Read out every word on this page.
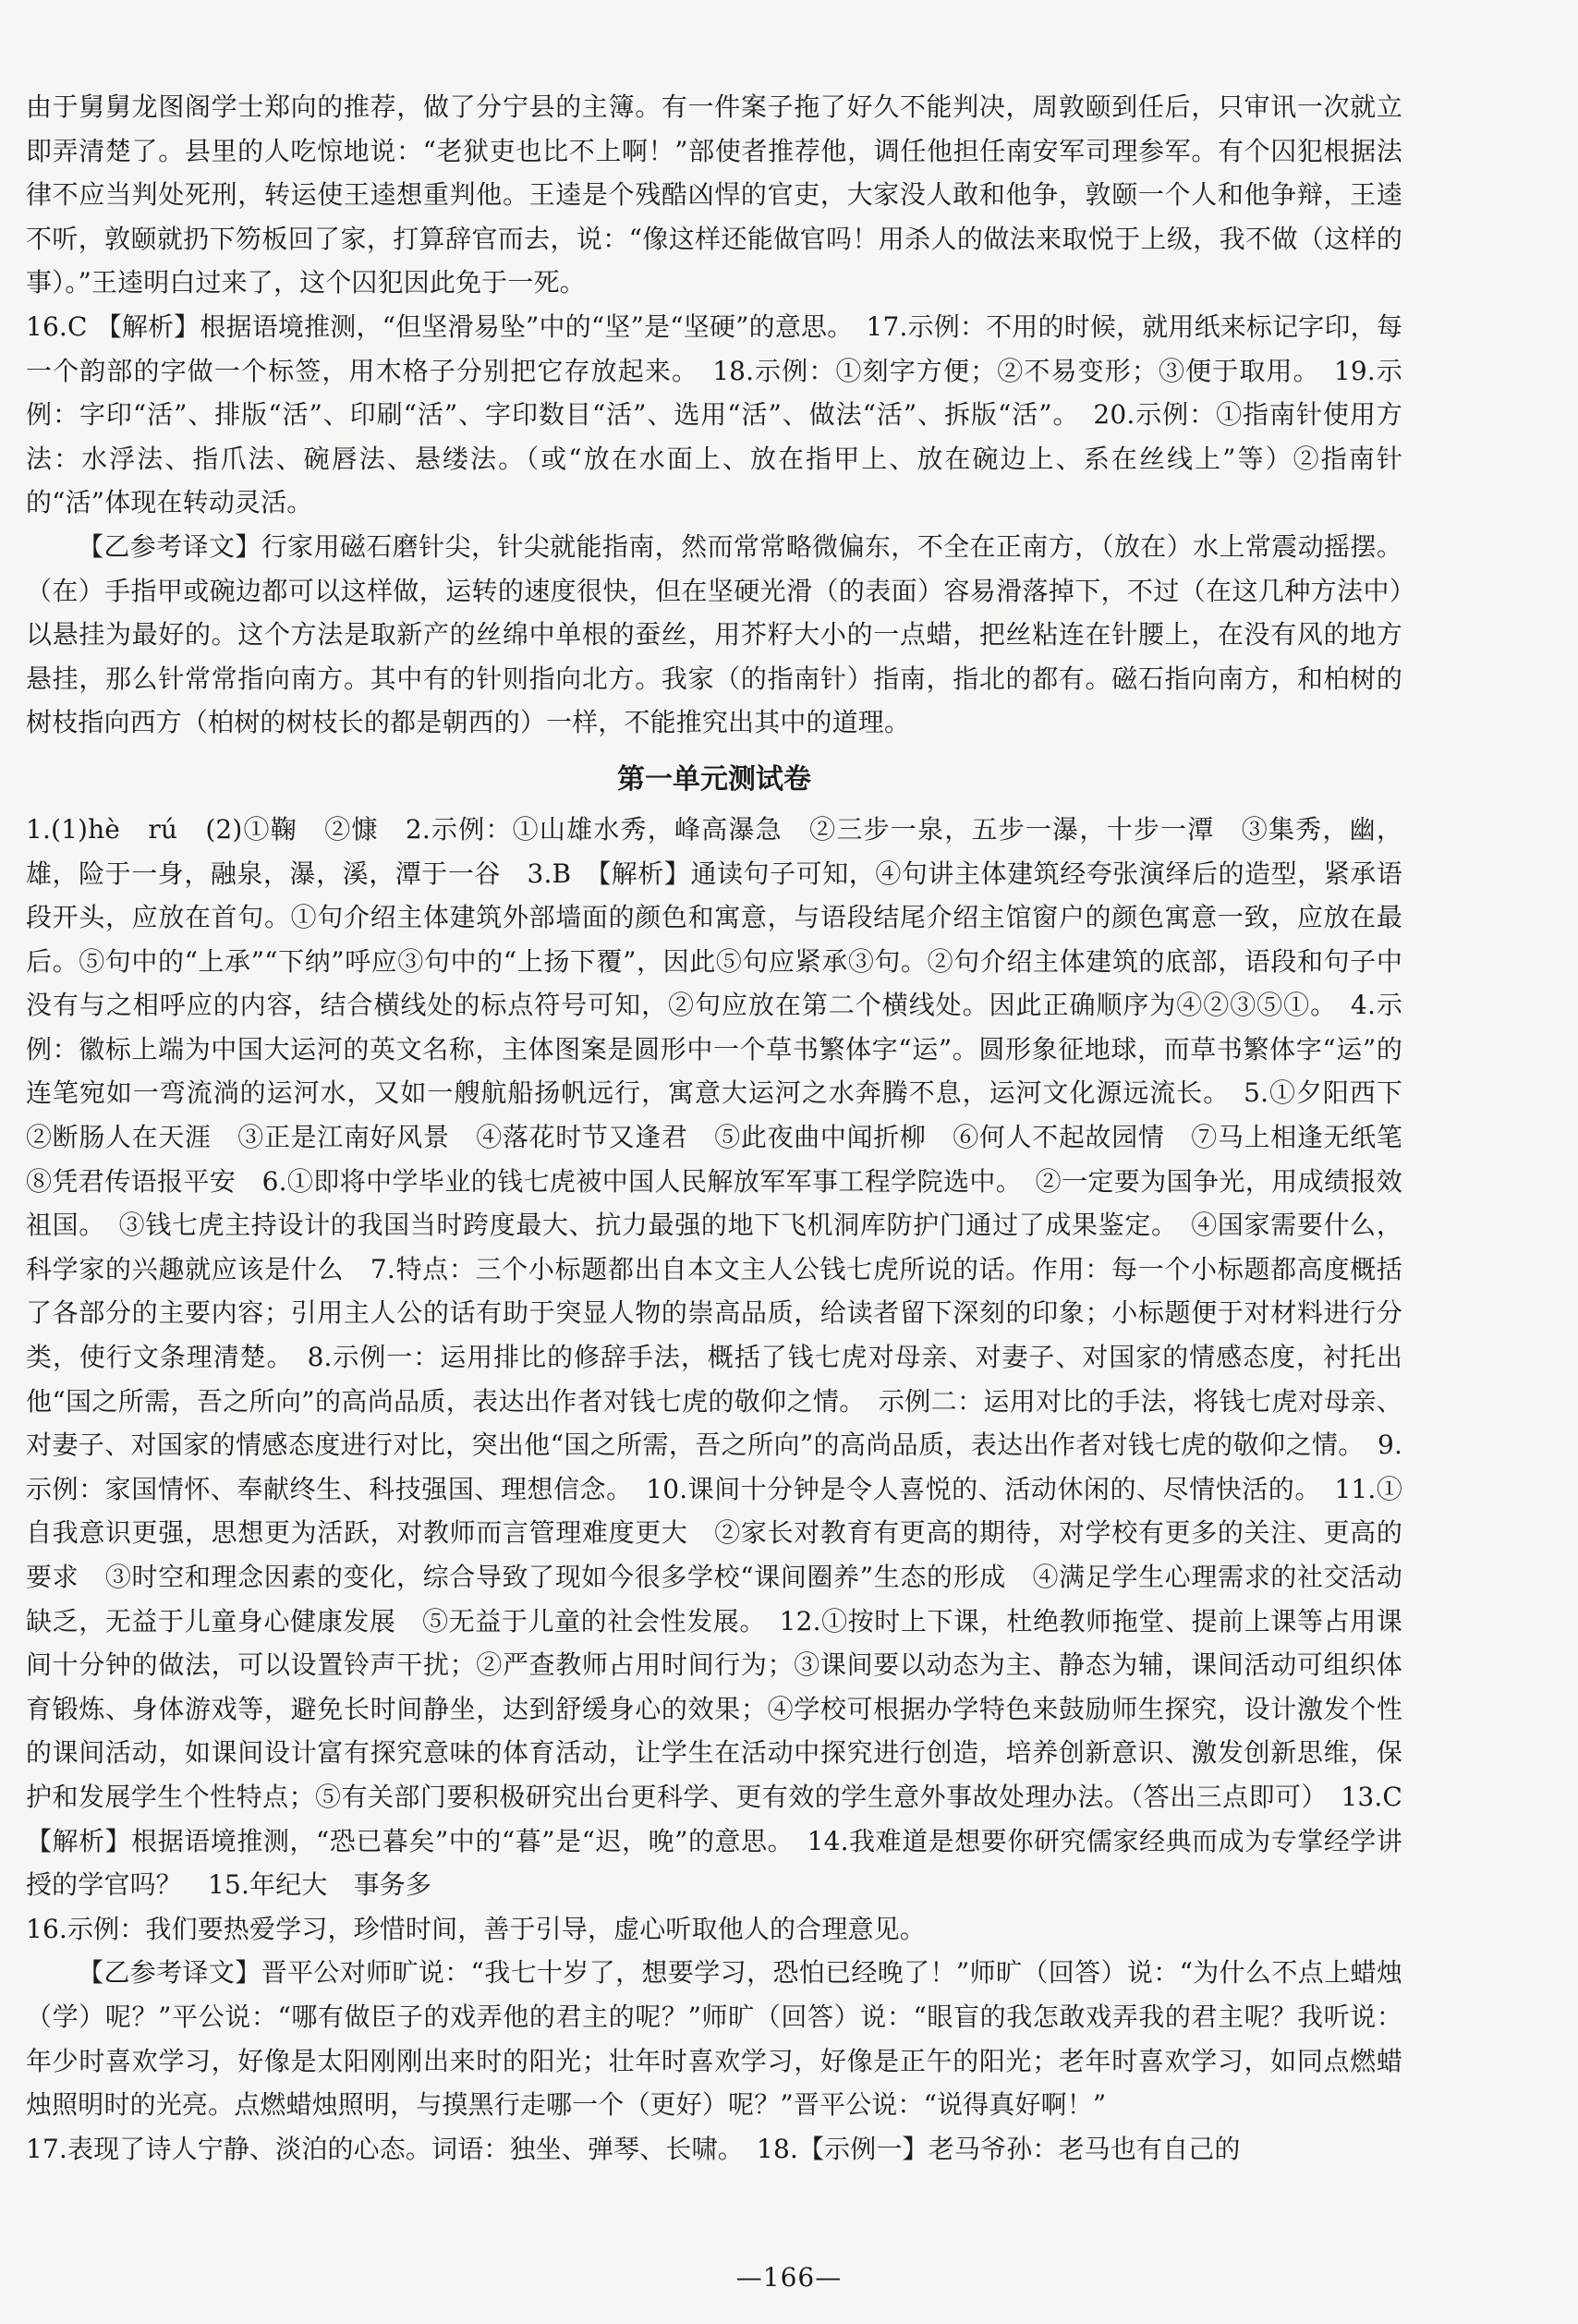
由于舅舅龙图阁学士郑向的推荐，做了分宁县的主簿。有一件案子拖了好久不能判决，周敦颐到任后，只审讯一次就立即弄清楚了。县里的人吃惊地说：“老狱吏也比不上啊！”部使者推荐他，调任他担任南安军司理参军。有个囚犯根据法律不应当判处死刑，转运使王逵想重判他。王逵是个残酷凶悍的官吏，大家没人敢和他争，敦颐一个人和他争辩，王逵不听，敦颐就扔下笏板回了家，打算辞官而去，说：“像这样还能做官吗！用杀人的做法来取悦于上级，我不做（这样的事）。”王逵明白过来了，这个囚犯因此免于一死。

16.C 【解析】根据语境推测，“但坚滑易坠”中的“坚”是“坚硬”的意思。　17.示例：不用的时候，就用纸来标记字印，每一个韵部的字做一个标签，用木格子分别把它存放起来。　18.示例：①刻字方便；②不易变形；③便于取用。　19.示例：字印“活”、排版“活”、印刷“活”、字印数目“活”、选用“活”、做法“活”、拆版“活”。　20.示例：①指南针使用方法：水浮法、指爪法、碗唇法、悬缕法。（或“放在水面上、放在指甲上、放在碗边上、系在丝线上”等）②指南针的“活”体现在转动灵活。

【乙参考译文】行家用磁石磨针尖，针尖就能指南，然而常常略微偏东，不全在正南方，（放在）水上常震动摇摆。（在）手指甲或碗边都可以这样做，运转的速度很快，但在坚硬光滑（的表面）容易滑落掉下，不过（在这几种方法中）以悬挂为最好的。这个方法是取新产的丝绵中单根的蚕丝，用芥籽大小的一点蜡，把丝粘连在针腰上，在没有风的地方悬挂，那么针常常指向南方。其中有的针则指向北方。我家（的指南针）指南，指北的都有。磁石指向南方，和柏树的树枝指向西方（柏树的树枝长的都是朝西的）一样，不能推究出其中的道理。

第一单元测试卷

1.(1)hè　rú　(2)①鞠　②慷　2.示例：①山雄水秀，峰高瀑急　②三步一泉，五步一瀑，十步一潭　③集秀，幽，雄，险于一身，融泉，瀑，溪，潭于一谷　3.B　【解析】通读句子可知，④句讲主体建筑经夸张演绎后的造型，紧承语段开头，应放在首句。①句介绍主体建筑外部墙面的颜色和寓意，与语段结尾介绍主馆窗户的颜色寓意一致，应放在最后。⑤句中的“上承”“下纳”呼应③句中的“上扬下覆”，因此⑤句应紧承③句。②句介绍主体建筑的底部，语段和句子中没有与之相呼应的内容，结合横线处的标点符号可知，②句应放在第二个横线处。因此正确顺序为④②③⑤①。　4.示例：徽标上端为中国大运河的英文名称，主体图案是圆形中一个草书繁体字“运”。圆形象征地球，而草书繁体字“运”的连笔宛如一弯流淌的运河水，又如一艘航船扬帆远行，寓意大运河之水奔腾不息，运河文化源远流长。　5.①夕阳西下　②断肠人在天涯　③正是江南好风景　④落花时节又逢君　⑤此夜曲中闻折柳　⑥何人不起故园情　⑦马上相逢无纸笔　⑧凭君传语报平安　6.①即将中学毕业的钱七虎被中国人民解放军军事工程学院选中。　②一定要为国争光，用成绩报效祖国。　③钱七虎主持设计的我国当时跨度最大、抗力最强的地下飞机洞库防护门通过了成果鉴定。　④国家需要什么，科学家的兴趣就应该是什么　7.特点：三个小标题都出自本文主人公钱七虎所说的话。作用：每一个小标题都高度概括了各部分的主要内容；引用主人公的话有助于突显人物的崇高品质，给读者留下深刻的印象；小标题便于对材料进行分类，使行文条理清楚。　8.示例一：运用排比的修辞手法，概括了钱七虎对母亲、对妻子、对国家的情感态度，衬托出他“国之所需，吾之所向”的高尚品质，表达出作者对钱七虎的敬仰之情。　示例二：运用对比的手法，将钱七虎对母亲、对妻子、对国家的情感态度进行对比，突出他“国之所需，吾之所向”的高尚品质，表达出作者对钱七虎的敬仰之情。　9.示例：家国情怀、奉献终生、科技强国、理想信念。　10.课间十分钟是令人喜悦的、活动休闲的、尽情快活的。　11.①自我意识更强，思想更为活跃，对教师而言管理难度更大　②家长对教育有更高的期待，对学校有更多的关注、更高的要求　③时空和理念因素的变化，综合导致了现如今很多学校“课间圈养”生态的形成　④满足学生心理需求的社交活动缺乏，无益于儿童身心健康发展　⑤无益于儿童的社会性发展。　12.①按时上下课，杜绝教师拖堂、提前上课等占用课间十分钟的做法，可以设置铃声干扰；②严查教师占用时间行为；③课间要以动态为主、静态为辅，课间活动可组织体育锻炼、身体游戏等，避免长时间静坐，达到舒缓身心的效果；④学校可根据办学特色来鼓励师生探究，设计激发个性的课间活动，如课间设计富有探究意味的体育活动，让学生在活动中探究进行创造，培养创新意识、激发创新思维，保护和发展学生个性特点；⑤有关部门要积极研究出台更科学、更有效的学生意外事故处理办法。（答出三点即可）　13.C　【解析】根据语境推测，“恐已暮矣”中的“暮”是“迟，晚”的意思。　14.我难道是想要你研究儒家经典而成为专掌经学讲授的学官吗？　15.年纪大　事务多

16.示例：我们要热爱学习，珍惜时间，善于引导，虚心听取他人的合理意见。

【乙参考译文】晋平公对师旷说：“我七十岁了，想要学习，恐怕已经晚了！”师旷（回答）说：“为什么不点上蜡烛（学）呢？”平公说：“哪有做臣子的戏弄他的君主的呢？”师旷（回答）说：“眼盲的我怎敢戏弄我的君主呢？我听说：年少时喜欢学习，好像是太阳刚刚出来时的阳光；壮年时喜欢学习，好像是正午的阳光；老年时喜欢学习，如同点燃蜡烛照明时的光亮。点燃蜡烛照明，与摸黑行走哪一个（更好）呢？”晋平公说：“说得真好啊！”

17.表现了诗人宁静、淡泊的心态。词语：独坐、弹琴、长啸。　18.【示例一】老马爷孙：老马也有自己的

—166—
